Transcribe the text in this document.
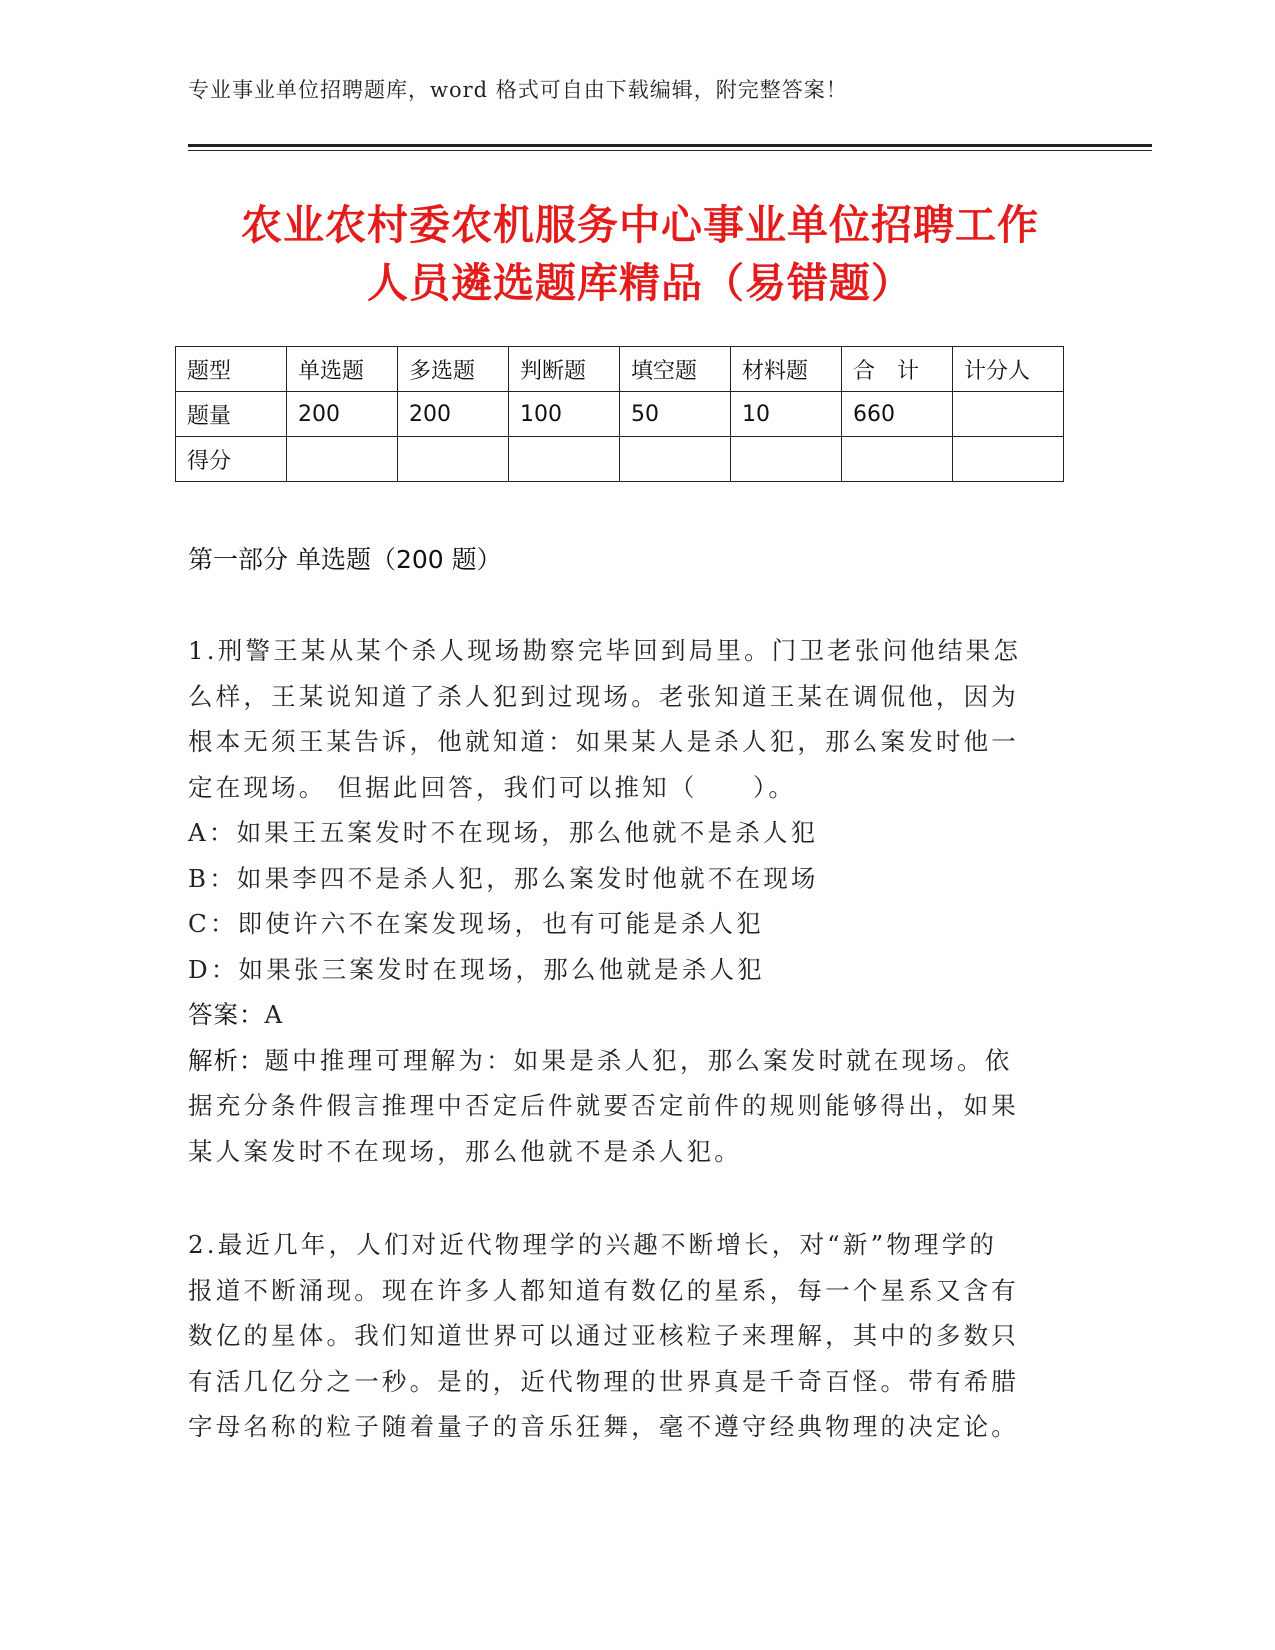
专业事业单位招聘题库，word 格式可自由下载编辑，附完整答案！
农业农村委农机服务中心事业单位招聘工作
人员遴选题库精品（易错题）
题型	单选题	多选题	判断题	填空题	材料题	合　计	计分人
题量	200	200	100	50	10	660	
得分							
第一部分 单选题（200 题）
1.刑警王某从某个杀人现场勘察完毕回到局里。门卫老张问他结果怎
么样，王某说知道了杀人犯到过现场。老张知道王某在调侃他，因为
根本无须王某告诉，他就知道：如果某人是杀人犯，那么案发时他一
定在现场。 但据此回答，我们可以推知（　　）。
A：如果王五案发时不在现场，那么他就不是杀人犯
B：如果李四不是杀人犯，那么案发时他就不在现场
C：即使许六不在案发现场，也有可能是杀人犯
D：如果张三案发时在现场，那么他就是杀人犯
答案：A
解析：题中推理可理解为：如果是杀人犯，那么案发时就在现场。依
据充分条件假言推理中否定后件就要否定前件的规则能够得出，如果
某人案发时不在现场，那么他就不是杀人犯。
2.最近几年，人们对近代物理学的兴趣不断增长，对“新”物理学的
报道不断涌现。现在许多人都知道有数亿的星系，每一个星系又含有
数亿的星体。我们知道世界可以通过亚核粒子来理解，其中的多数只
有活几亿分之一秒。是的，近代物理的世界真是千奇百怪。带有希腊
字母名称的粒子随着量子的音乐狂舞，毫不遵守经典物理的决定论。
